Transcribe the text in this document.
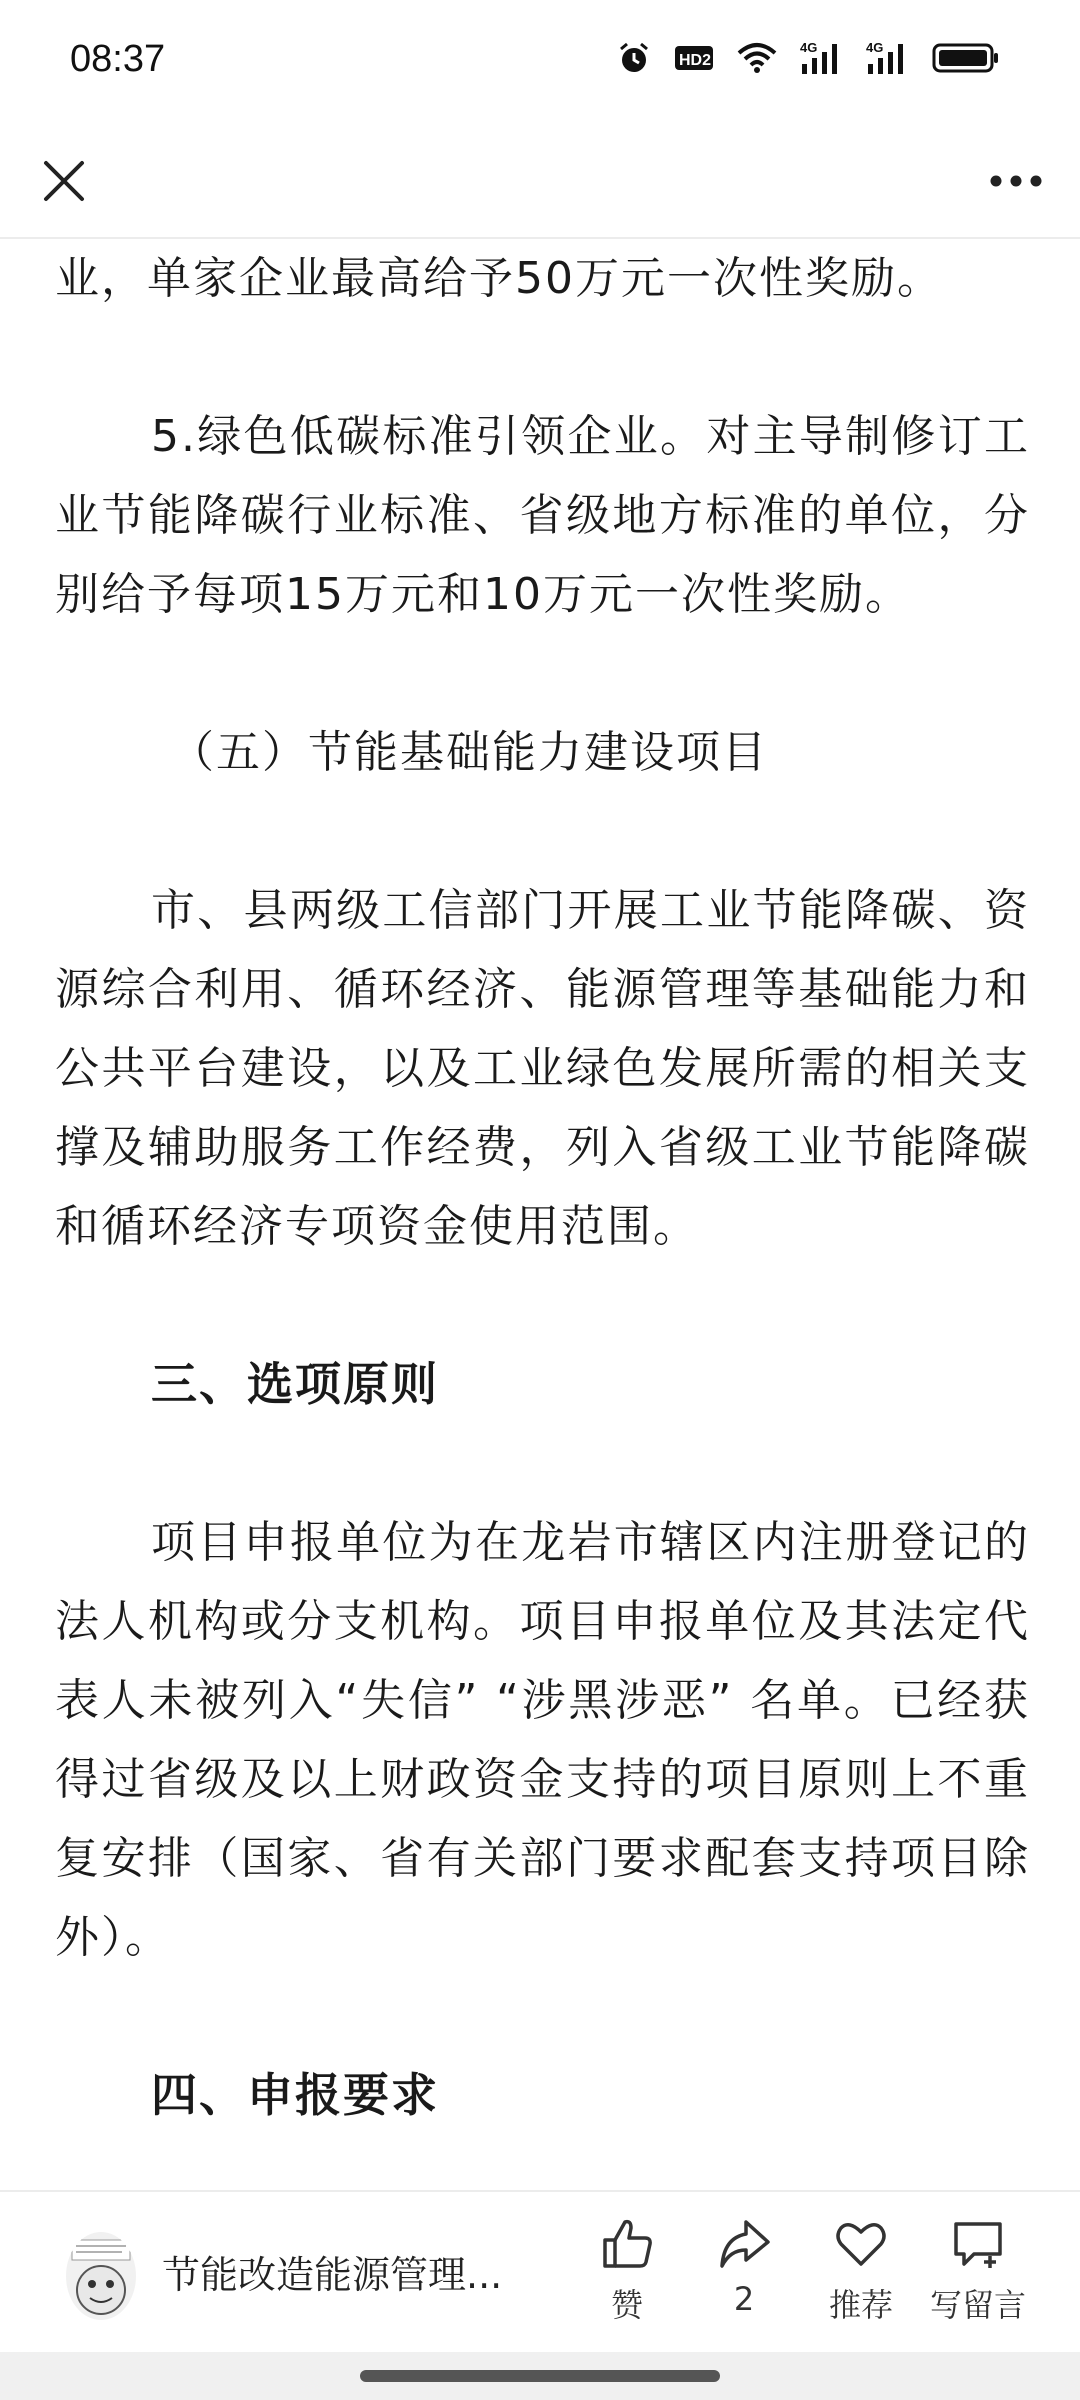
08:37	HD2
4G	4G

业，单家企业最高给予50万元一次性奖励。

5.绿色低碳标准引领企业。对主导制修订工业节能降碳行业标准、省级地方标准的单位，分别给予每项15万元和10万元一次性奖励。

（五）节能基础能力建设项目

市、县两级工信部门开展工业节能降碳、资源综合利用、循环经济、能源管理等基础能力和公共平台建设，以及工业绿色发展所需的相关支撑及辅助服务工作经费，列入省级工业节能降碳和循环经济专项资金使用范围。

三、选项原则

项目申报单位为在龙岩市辖区内注册登记的法人机构或分支机构。项目申报单位及其法定代表人未被列入“失信” “涉黑涉恶” 名单。已经获得过省级及以上财政资金支持的项目原则上不重复安排（国家、省有关部门要求配套支持项目除外）。

四、申报要求

节能改造能源管理...
赞	2 推荐 写留言
